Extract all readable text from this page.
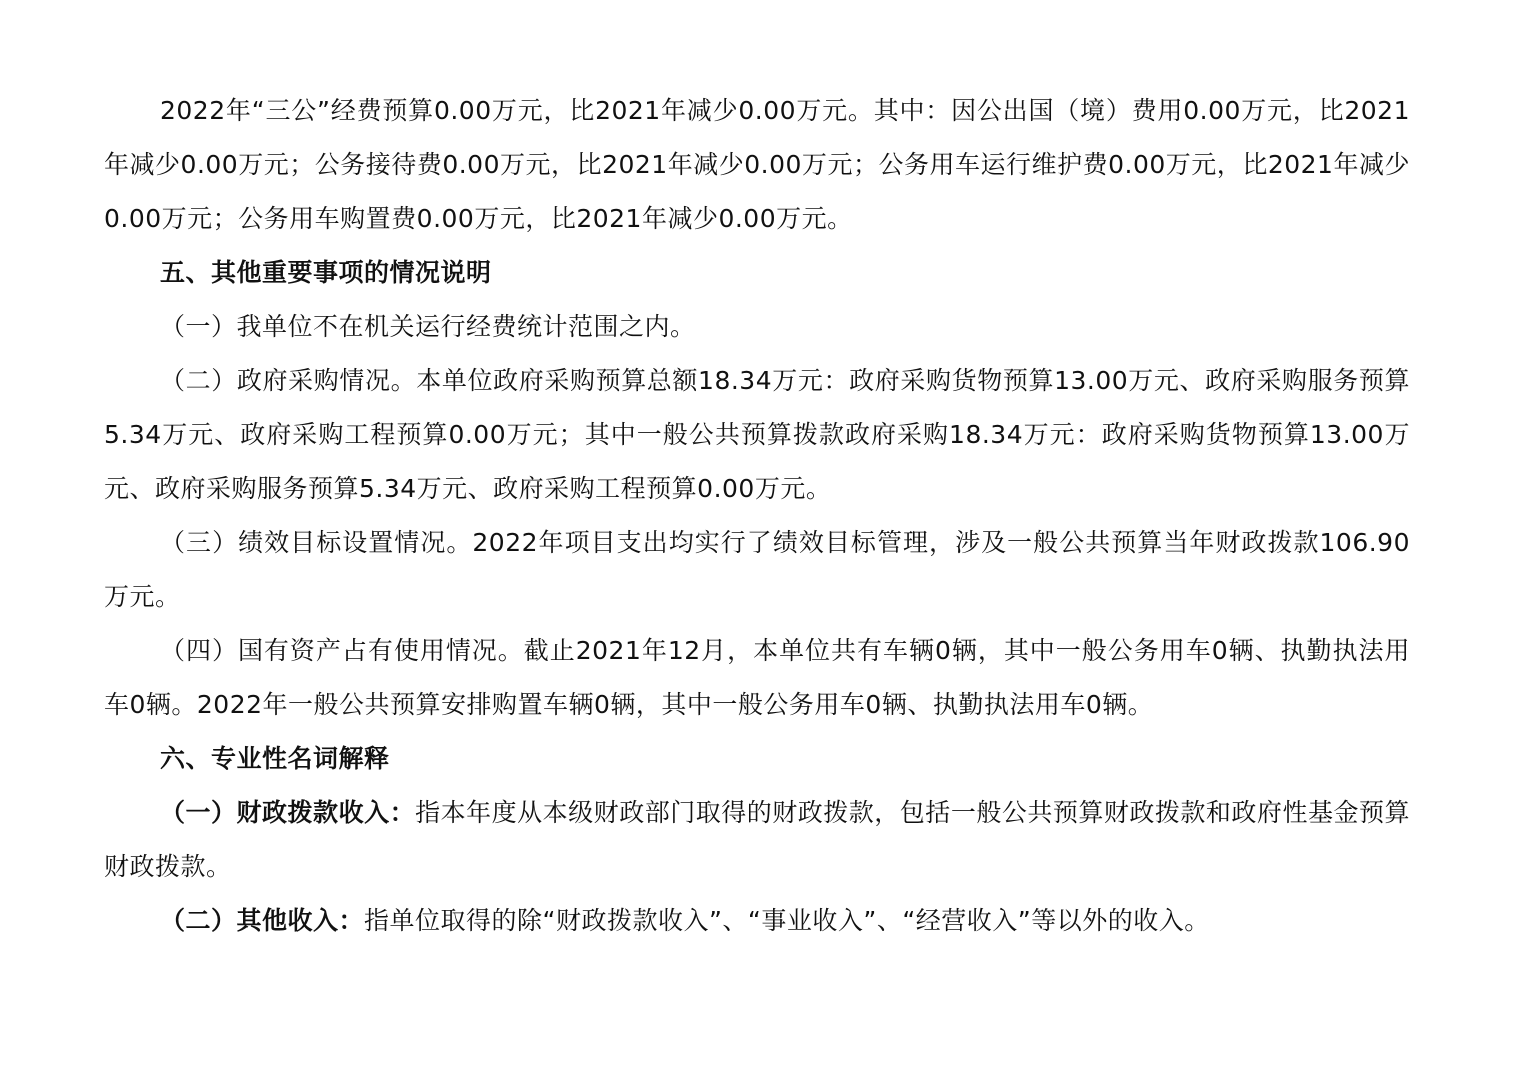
2022年“三公”经费预算0.00万元，比2021年减少0.00万元。其中：因公出国（境）费用0.00万元，比2021年减少0.00万元；公务接待费0.00万元，比2021年减少0.00万元；公务用车运行维护费0.00万元，比2021年减少0.00万元；公务用车购置费0.00万元，比2021年减少0.00万元。

五、其他重要事项的情况说明

（一）我单位不在机关运行经费统计范围之内。

（二）政府采购情况。本单位政府采购预算总额18.34万元：政府采购货物预算13.00万元、政府采购服务预算5.34万元、政府采购工程预算0.00万元；其中一般公共预算拨款政府采购18.34万元：政府采购货物预算13.00万元、政府采购服务预算5.34万元、政府采购工程预算0.00万元。

（三）绩效目标设置情况。2022年项目支出均实行了绩效目标管理，涉及一般公共预算当年财政拨款106.90万元。

（四）国有资产占有使用情况。截止2021年12月，本单位共有车辆0辆，其中一般公务用车0辆、执勤执法用车0辆。2022年一般公共预算安排购置车辆0辆，其中一般公务用车0辆、执勤执法用车0辆。

六、专业性名词解释

（一）财政拨款收入：指本年度从本级财政部门取得的财政拨款，包括一般公共预算财政拨款和政府性基金预算财政拨款。

（二）其他收入：指单位取得的除“财政拨款收入”、“事业收入”、“经营收入”等以外的收入。
